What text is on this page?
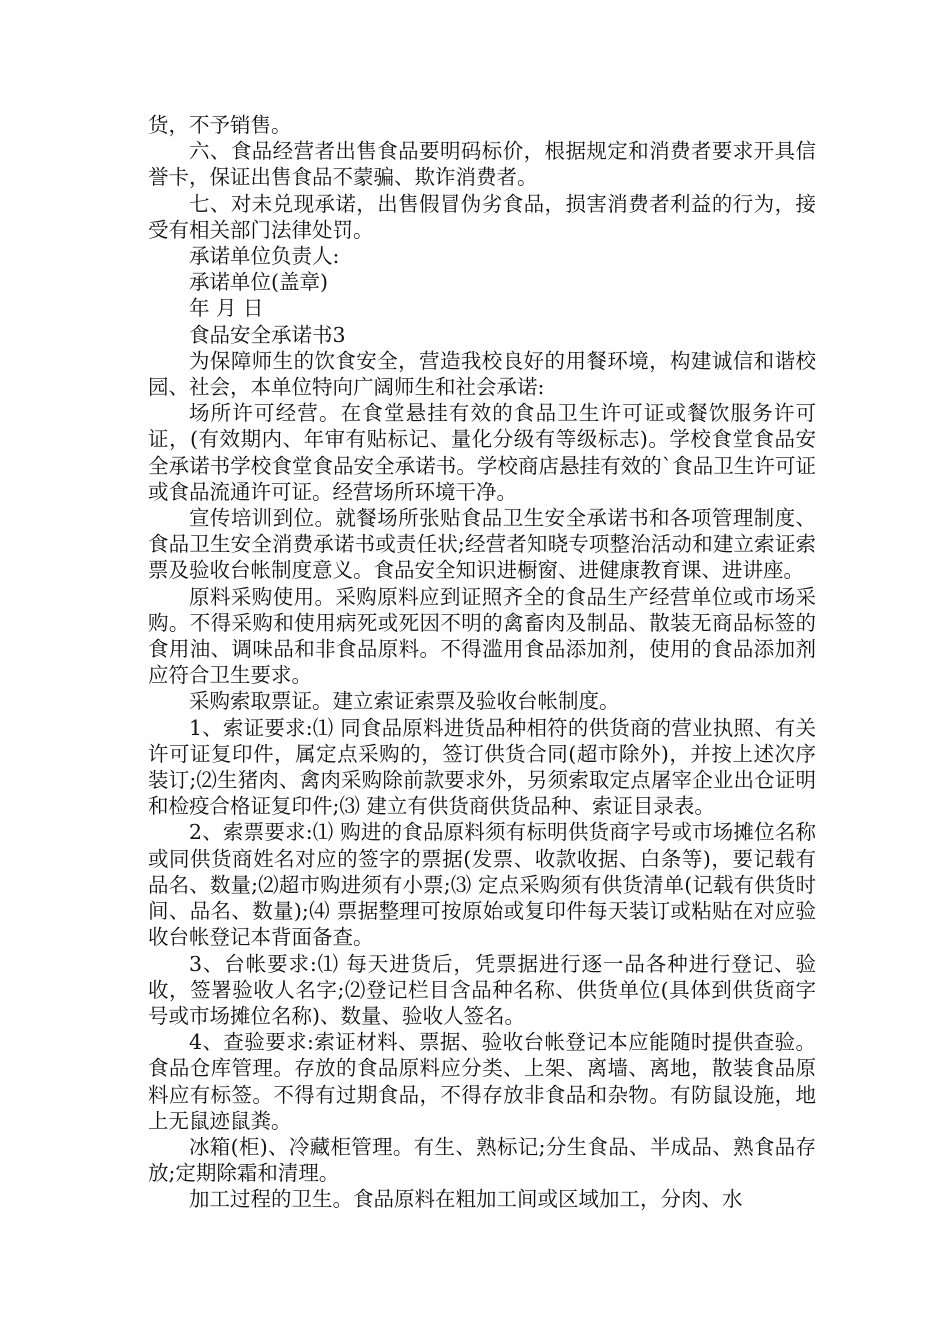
货，不予销售。

六、食品经营者出售食品要明码标价，根据规定和消费者要求开具信誉卡，保证出售食品不蒙骗、欺诈消费者。

七、对未兑现承诺，出售假冒伪劣食品，损害消费者利益的行为，接受有相关部门法律处罚。

承诺单位负责人:

承诺单位(盖章)

年 月 日

食品安全承诺书3

为保障师生的饮食安全，营造我校良好的用餐环境，构建诚信和谐校园、社会，本单位特向广阔师生和社会承诺:

场所许可经营。在食堂悬挂有效的食品卫生许可证或餐饮服务许可证，(有效期内、年审有贴标记、量化分级有等级标志)。学校食堂食品安全承诺书学校食堂食品安全承诺书。学校商店悬挂有效的`食品卫生许可证或食品流通许可证。经营场所环境干净。

宣传培训到位。就餐场所张贴食品卫生安全承诺书和各项管理制度、食品卫生安全消费承诺书或责任状;经营者知晓专项整治活动和建立索证索票及验收台帐制度意义。食品安全知识进橱窗、进健康教育课、进讲座。

原料采购使用。采购原料应到证照齐全的食品生产经营单位或市场采购。不得采购和使用病死或死因不明的禽畜肉及制品、散装无商品标签的食用油、调味品和非食品原料。不得滥用食品添加剂，使用的食品添加剂应符合卫生要求。

采购索取票证。建立索证索票及验收台帐制度。

1、索证要求:⑴ 同食品原料进货品种相符的供货商的营业执照、有关许可证复印件，属定点采购的，签订供货合同(超市除外)，并按上述次序装订;⑵生猪肉、禽肉采购除前款要求外，另须索取定点屠宰企业出仓证明和检疫合格证复印件;⑶ 建立有供货商供货品种、索证目录表。

2、索票要求:⑴ 购进的食品原料须有标明供货商字号或市场摊位名称或同供货商姓名对应的签字的票据(发票、收款收据、白条等)，要记载有品名、数量;⑵超市购进须有小票;⑶ 定点采购须有供货清单(记载有供货时间、品名、数量);⑷ 票据整理可按原始或复印件每天装订或粘贴在对应验收台帐登记本背面备查。

3、台帐要求:⑴ 每天进货后，凭票据进行逐一品各种进行登记、验收，签署验收人名字;⑵登记栏目含品种名称、供货单位(具体到供货商字号或市场摊位名称)、数量、验收人签名。

4、查验要求:索证材料、票据、验收台帐登记本应能随时提供查验。食品仓库管理。存放的食品原料应分类、上架、离墙、离地，散装食品原料应有标签。不得有过期食品，不得存放非食品和杂物。有防鼠设施，地上无鼠迹鼠粪。

冰箱(柜)、冷藏柜管理。有生、熟标记;分生食品、半成品、熟食品存放;定期除霜和清理。

加工过程的卫生。食品原料在粗加工间或区域加工，分肉、水
